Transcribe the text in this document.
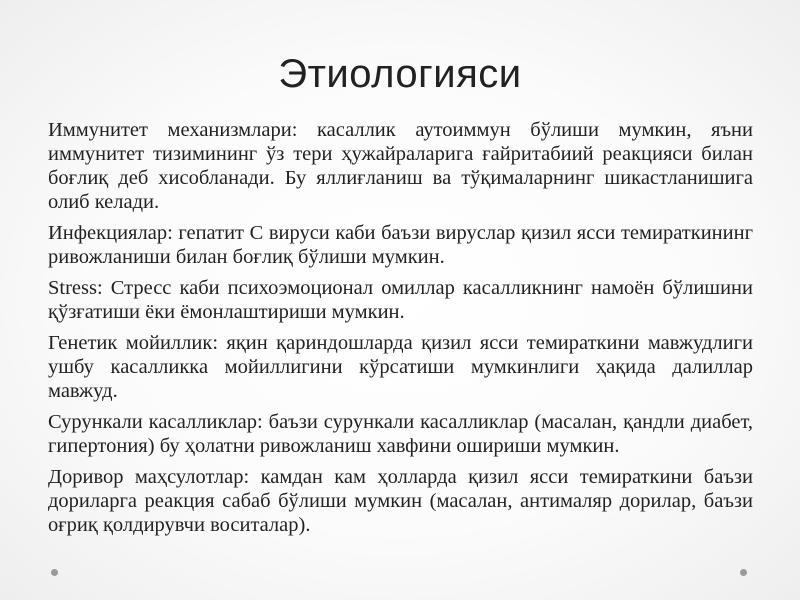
Этиологияси

Иммунитет механизмлари: касаллик аутоиммун бўлиши мумкин, яъни иммунитет тизимининг ўз тери ҳужайраларига ғайритабиий реакцияси билан боғлиқ деб хисобланади. Бу яллиғланиш ва тўқималарнинг шикастланишига олиб келади.

Инфекциялар: гепатит C вируси каби баъзи вируслар қизил ясси темираткининг ривожланиши билан боғлиқ бўлиши мумкин.

Stress: Стресс каби психоэмоционал омиллар касалликнинг намоён бўлишини қўзғатиши ёки ёмонлаштириши мумкин.

Генетик мойиллик: яқин қариндошларда қизил ясси темираткини мавжудлиги ушбу касалликка мойиллигини кўрсатиши мумкинлиги ҳақида далиллар мавжуд.

Сурункали касалликлар: баъзи сурункали касалликлар (масалан, қандли диабет, гипертония) бу ҳолатни ривожланиш хавфини ошириши мумкин.

Доривор маҳсулотлар: камдан кам ҳолларда қизил ясси темираткини баъзи дориларга реакция сабаб бўлиши мумкин (масалан, антималяр дорилар, баъзи оғриқ қолдирувчи воситалар).
